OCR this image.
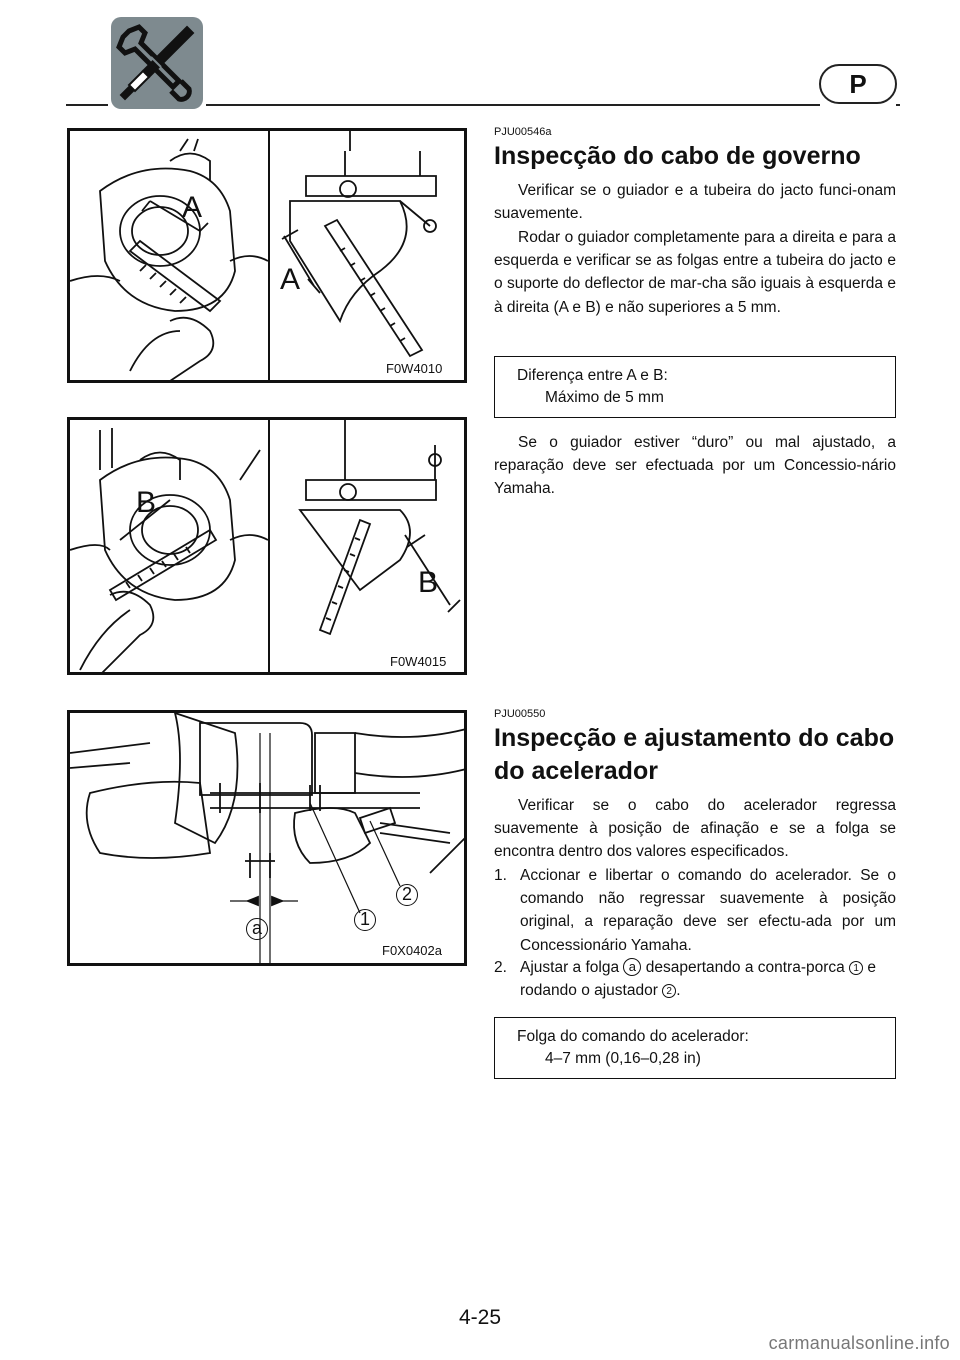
P
A
A
F0W4010
B
B
F0W4015
a	1
2
F0X0402a
PJU00546a
Inspecção do cabo de governo
Verificar se o guiador e a tubeira do jacto funci-onam suavemente.
Rodar o guiador completamente para a direita e para a esquerda e verificar se as folgas entre a tubeira do jacto e o suporte do deflector de mar-cha são iguais à esquerda e à direita (A e B) e não superiores a 5 mm.
Diferença entre A e B:
Máximo de 5 mm
Se o guiador estiver “duro” ou mal ajustado, a reparação deve ser efectuada por um Concessio-nário Yamaha.
PJU00550
Inspecção e ajustamento do cabo
do acelerador
Verificar se o cabo do acelerador regressa suavemente à posição de afinação e se a folga se encontra dentro dos valores especificados.
1. Accionar e libertar o comando do acelerador. Se o comando não regressar suavemente à posição original, a reparação deve ser efectu-ada por um Concessionário Yamaha.
2. Ajustar a folga a desapertando a contra-porca 1 e rodando o ajustador 2 .
Folga do comando do acelerador:
4–7 mm (0,16–0,28 in)
4-25
carmanualsonline.info
